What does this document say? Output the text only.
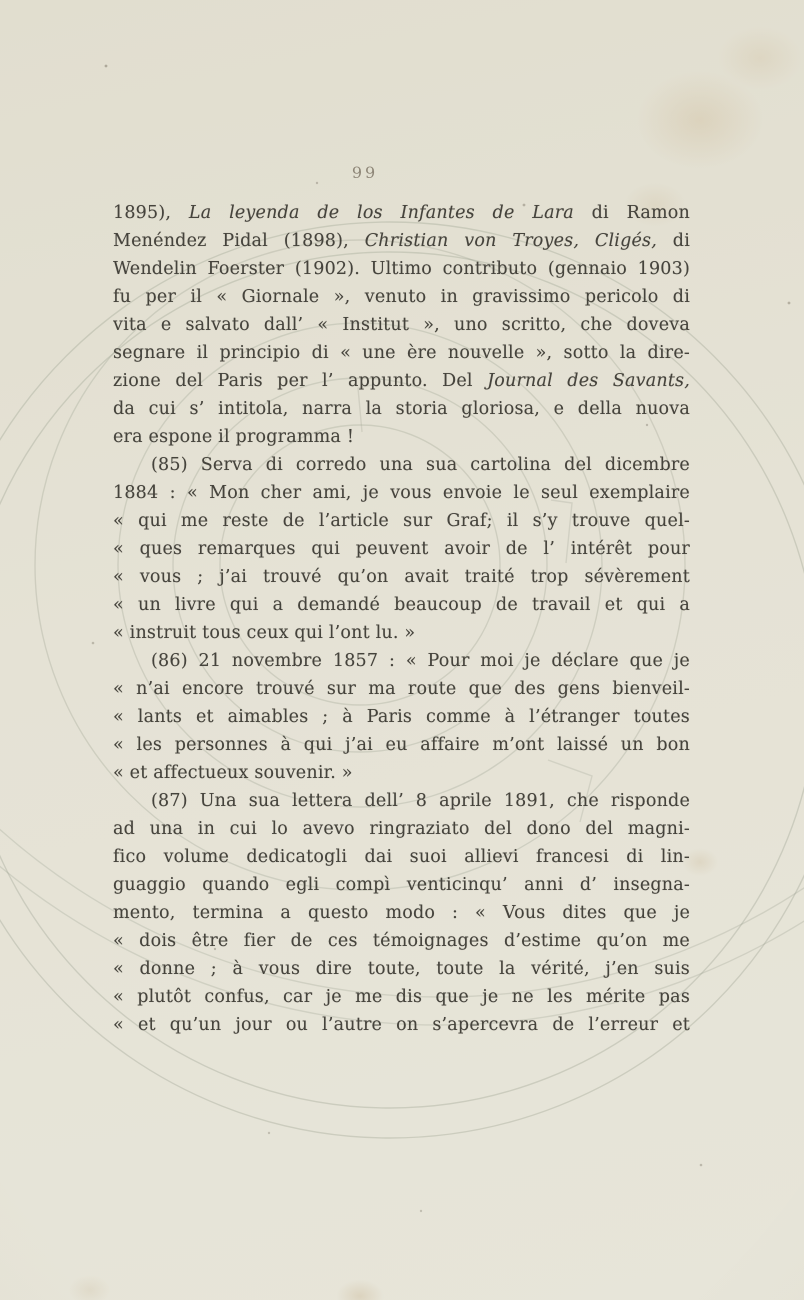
99
1895), La leyenda de los Infantes de Lara di Ramon
Menéndez Pidal (1898), Christian von Troyes, Cligés, di
Wendelin Foerster (1902). Ultimo contributo (gennaio 1903)
fu per il « Giornale », venuto in gravissimo pericolo di
vita e salvato dall’ « Institut », uno scritto, che doveva
segnare il principio di « une ère nouvelle », sotto la dire-
zione del Paris per l’ appunto. Del Journal des Savants,
da cui s’ intitola, narra la storia gloriosa, e della nuova
era espone il programma !
(85) Serva di corredo una sua cartolina del dicembre
1884 : « Mon cher ami, je vous envoie le seul exemplaire
« qui me reste de l’article sur Graf; il s’y trouve quel-
« ques remarques qui peuvent avoir de l’ intérêt pour
« vous ; j’ai trouvé qu’on avait traité trop sévèrement
« un livre qui a demandé beaucoup de travail et qui a
« instruit tous ceux qui l’ont lu. »
(86) 21 novembre 1857 : « Pour moi je déclare que je
« n’ai encore trouvé sur ma route que des gens bienveil-
« lants et aimables ; à Paris comme à l’étranger toutes
« les personnes à qui j’ai eu affaire m’ont laissé un bon
« et affectueux souvenir. »
(87) Una sua lettera dell’ 8 aprile 1891, che risponde
ad una in cui lo avevo ringraziato del dono del magni-
fico volume dedicatogli dai suoi allievi francesi di lin-
guaggio quando egli compì venticinqu’ anni d’ insegna-
mento, termina a questo modo : « Vous dites que je
« dois être fier de ces témoignages d’estime qu’on me
« donne ; à vous dire toute, toute la vérité, j’en suis
« plutôt confus, car je me dis que je ne les mérite pas
« et qu’un jour ou l’autre on s’apercevra de l’erreur et
